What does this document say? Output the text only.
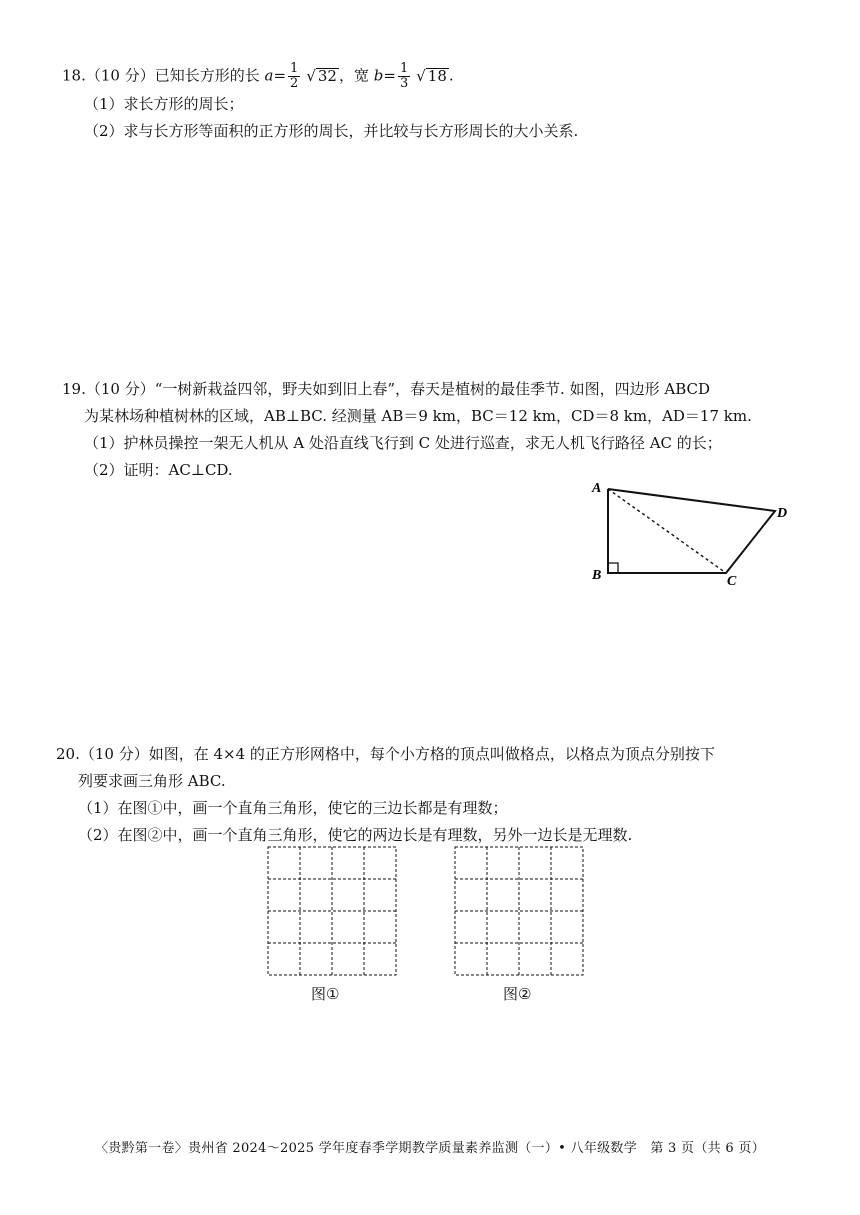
18.（10 分）已知长方形的长 $a= \frac{1}{2}$ √ 32 ，宽 $b= \frac{1}{3}$ √ 18 .
（1）求长方形的周长；
（2）求与长方形等面积的正方形的周长，并比较与长方形周长的大小关系.
19.（10 分）“一树新栽益四邻，野夫如到旧上春”，春天是植树的最佳季节. 如图，四边形 ABCD
为某林场种植树林的区域，AB⊥BC. 经测量 AB＝9 km，BC＝12 km，CD＝8 km，AD＝17 km.
（1）护林员操控一架无人机从 A 处沿直线飞行到 C 处进行巡查，求无人机飞行路径 AC 的长；
（2）证明：AC⊥CD.
A
B	C
D
20.（10 分）如图，在 4×4 的正方形网格中，每个小方格的顶点叫做格点，以格点为顶点分别按下
列要求画三角形 ABC.
（1）在图①中，画一个直角三角形，使它的三边长都是有理数；
（2）在图②中，画一个直角三角形，使它的两边长是有理数，另外一边长是无理数.
图①	图②
〈贵黔第一卷〉贵州省 2024～2025 学年度春季学期教学质量素养监测（一）• 八年级数学　第 3 页（共 6 页）
